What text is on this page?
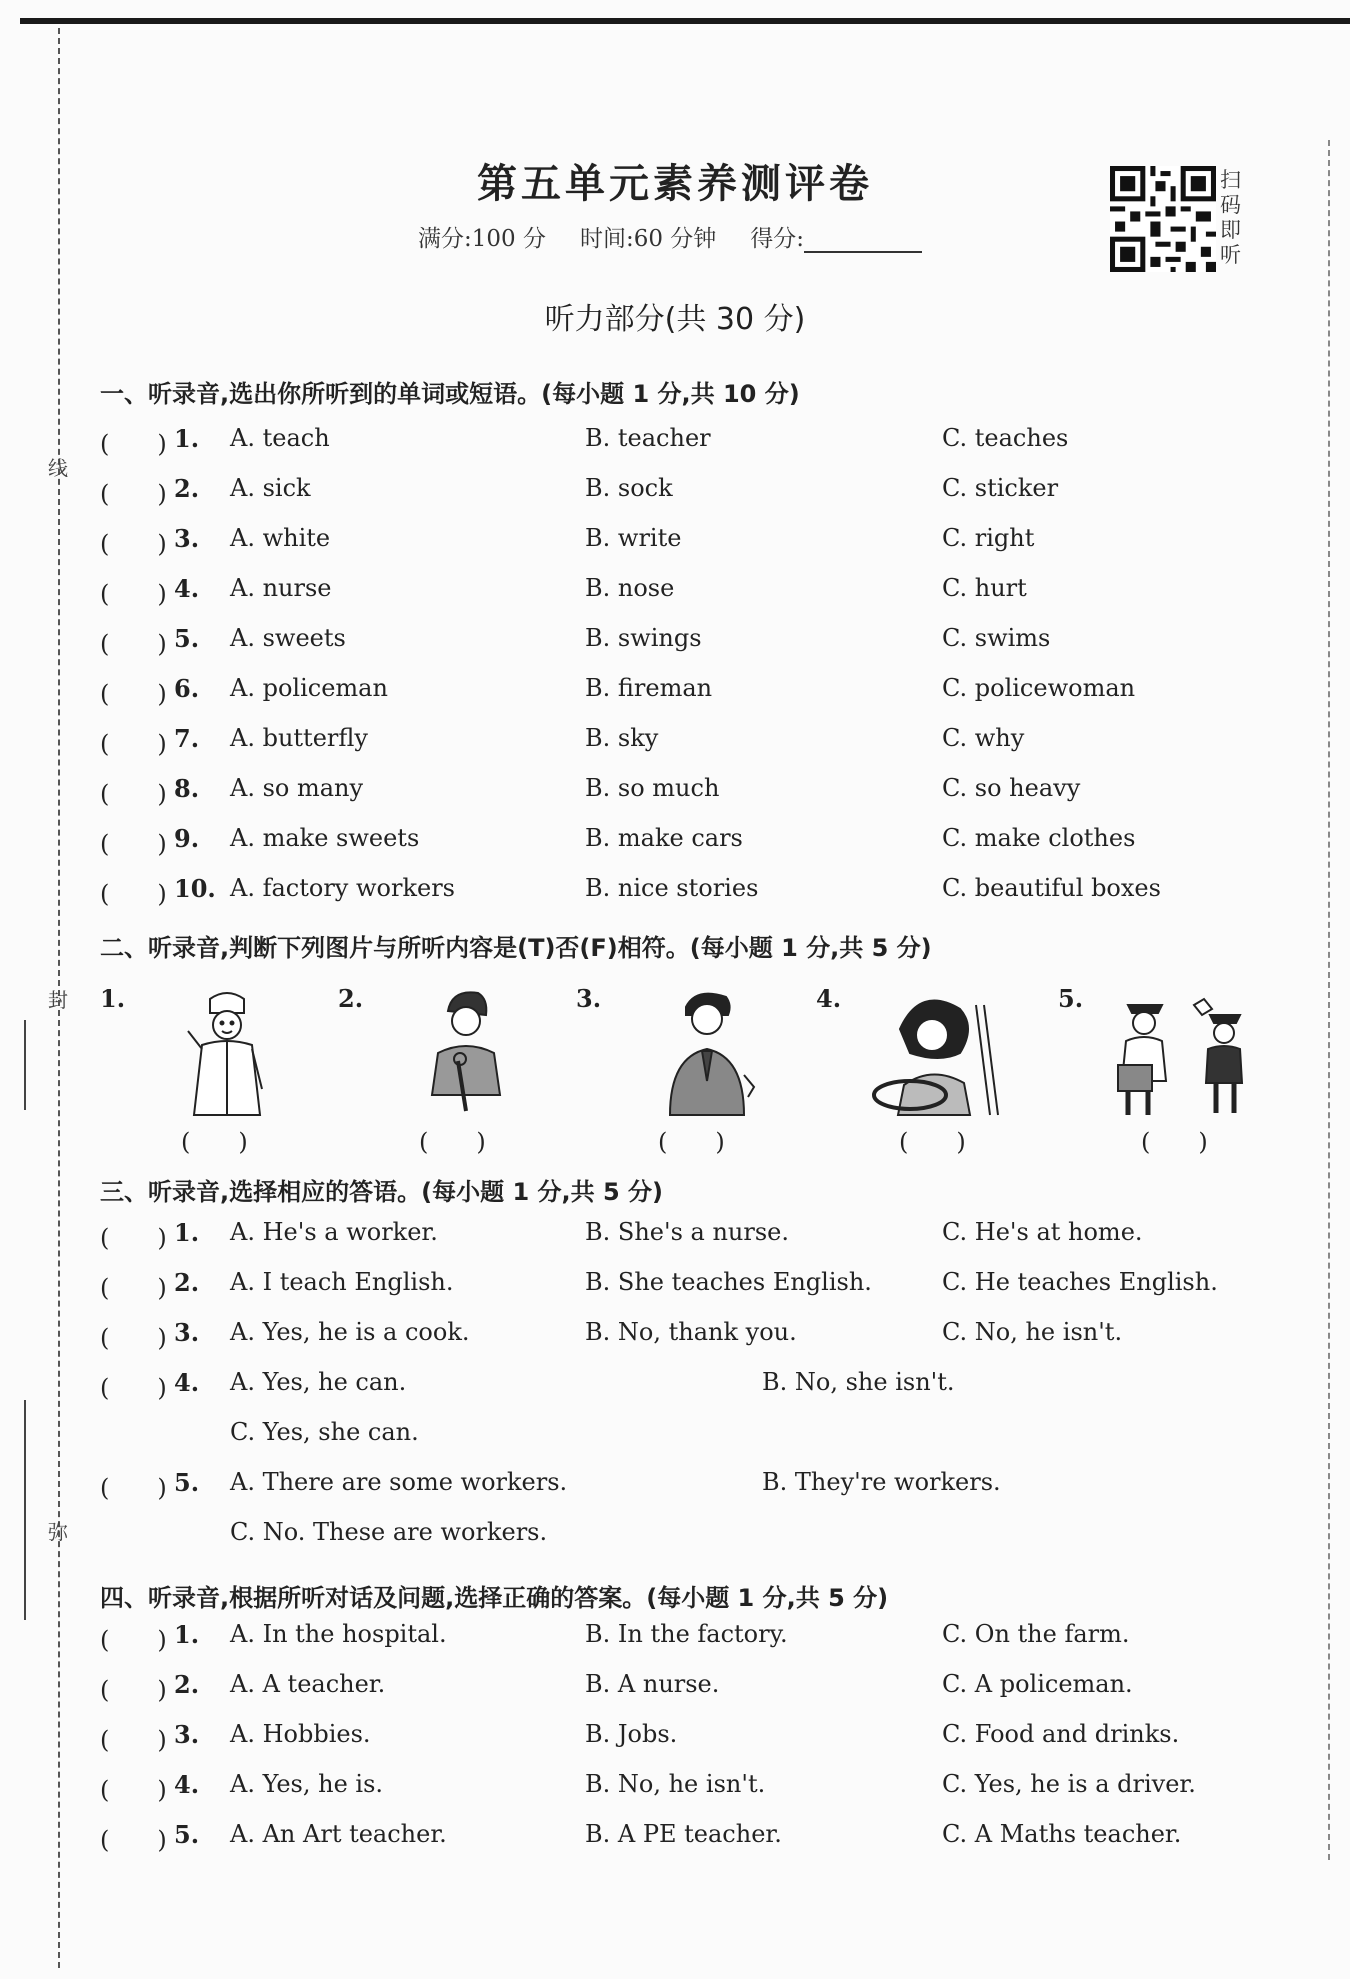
线
封
弥
第五单元素养测评卷
满分:100 分 时间:60 分钟 得分:
扫
码
即
听
听力部分(共 30 分)
一、听录音,选出你所听到的单词或短语。(每小题 1 分,共 10 分)
(　　) 1. A. teach	B. teacher	C. teaches
(　　) 2. A. sick	B. sock	C. sticker
(　　) 3. A. white	B. write	C. right
(　　) 4. A. nurse	B. nose	C. hurt
(　　) 5. A. sweets	B. swings	C. swims
(　　) 6. A. policeman	B. fireman	C. policewoman
(　　) 7. A. butterfly	B. sky	C. why
(　　) 8. A. so many	B. so much	C. so heavy
(　　) 9. A. make sweets	B. make cars	C. make clothes
(　　) 10. A. factory workers	B. nice stories	C. beautiful boxes
二、听录音,判断下列图片与所听内容是(T)否(F)相符。(每小题 1 分,共 5 分)
1.	2.	3.	4.	5.
()	()	()	()	()
三、听录音,选择相应的答语。(每小题 1 分,共 5 分)
(　　) 1. A. He's a worker.	B. She's a nurse.	C. He's at home.
(　　) 2. A. I teach English.	B. She teaches English.	C. He teaches English.
(　　) 3. A. Yes, he is a cook.	B. No, thank you.	C. No, he isn't.
(　　) 4. A. Yes, he can.	B. No, she isn't.
C. Yes, she can.
(　　) 5. A. There are some workers.	B. They're workers.
C. No. These are workers.
四、听录音,根据所听对话及问题,选择正确的答案。(每小题 1 分,共 5 分)
(　　) 1. A. In the hospital.	B. In the factory.	C. On the farm.
(　　) 2. A. A teacher.	B. A nurse.	C. A policeman.
(　　) 3. A. Hobbies.	B. Jobs.	C. Food and drinks.
(　　) 4. A. Yes, he is.	B. No, he isn't.	C. Yes, he is a driver.
(　　) 5. A. An Art teacher.	B. A PE teacher.	C. A Maths teacher.
